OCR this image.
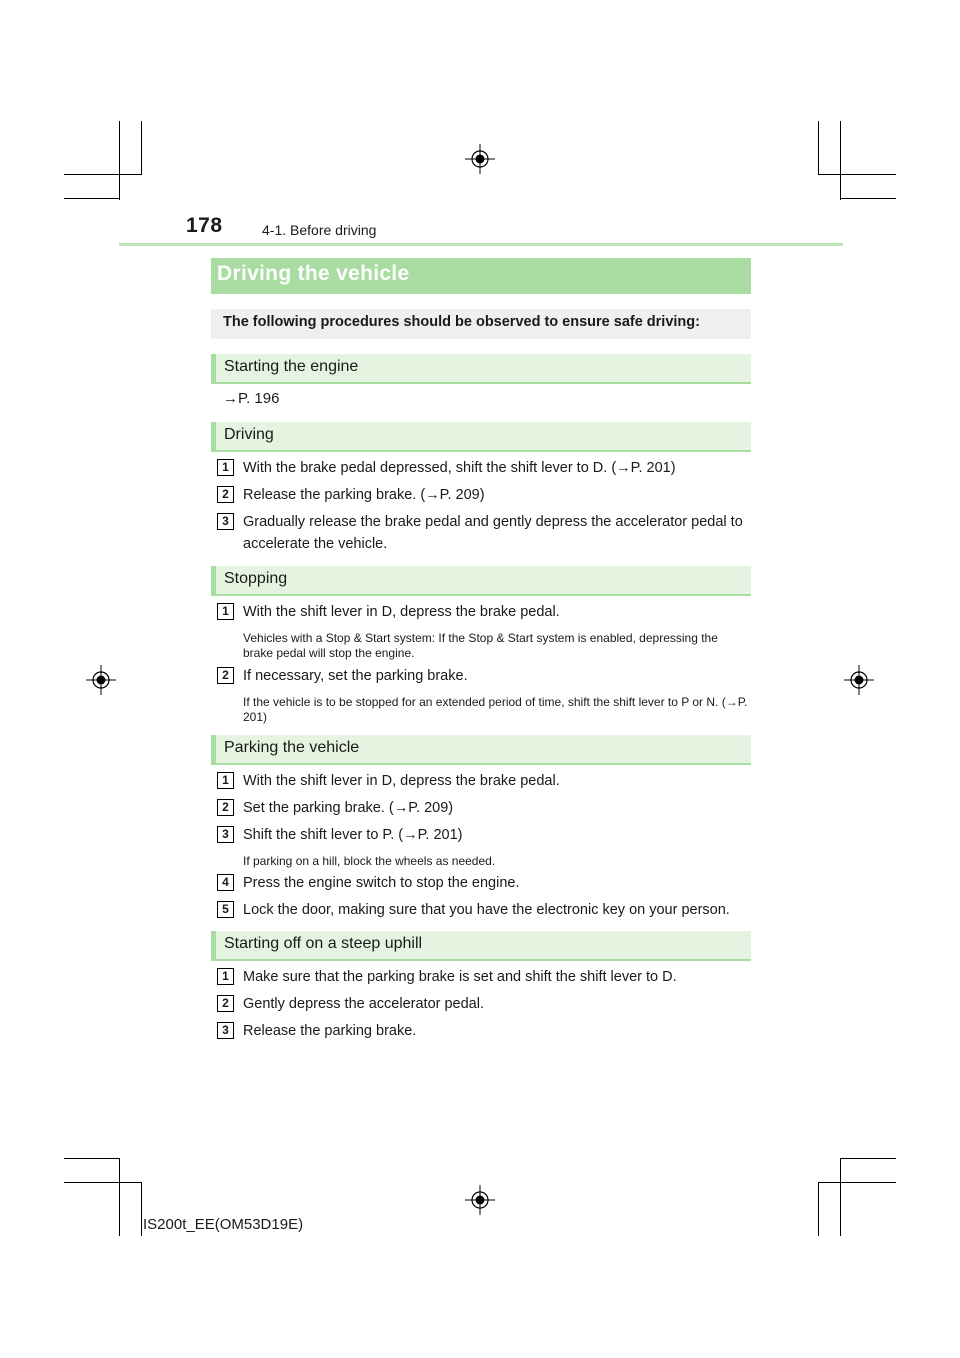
178	4-1. Before driving
Driving the vehicle
The following procedures should be observed to ensure safe driving:
Starting the engine
→P. 196
Driving
1 With the brake pedal depressed, shift the shift lever to D. (→P. 201)
2 Release the parking brake. (→P. 209)
3 Gradually release the brake pedal and gently depress the accelerator pedal to accelerate the vehicle.
Stopping
1 With the shift lever in D, depress the brake pedal.
Vehicles with a Stop & Start system: If the Stop & Start system is enabled, depressing the brake pedal will stop the engine.
2 If necessary, set the parking brake.
If the vehicle is to be stopped for an extended period of time, shift the shift lever to P or N. (→P. 201)
Parking the vehicle
1 With the shift lever in D, depress the brake pedal.
2 Set the parking brake. (→P. 209)
3 Shift the shift lever to P. (→P. 201)
If parking on a hill, block the wheels as needed.
4 Press the engine switch to stop the engine.
5 Lock the door, making sure that you have the electronic key on your person.
Starting off on a steep uphill
1 Make sure that the parking brake is set and shift the shift lever to D.
2 Gently depress the accelerator pedal.
3 Release the parking brake.
IS200t_EE(OM53D19E)
